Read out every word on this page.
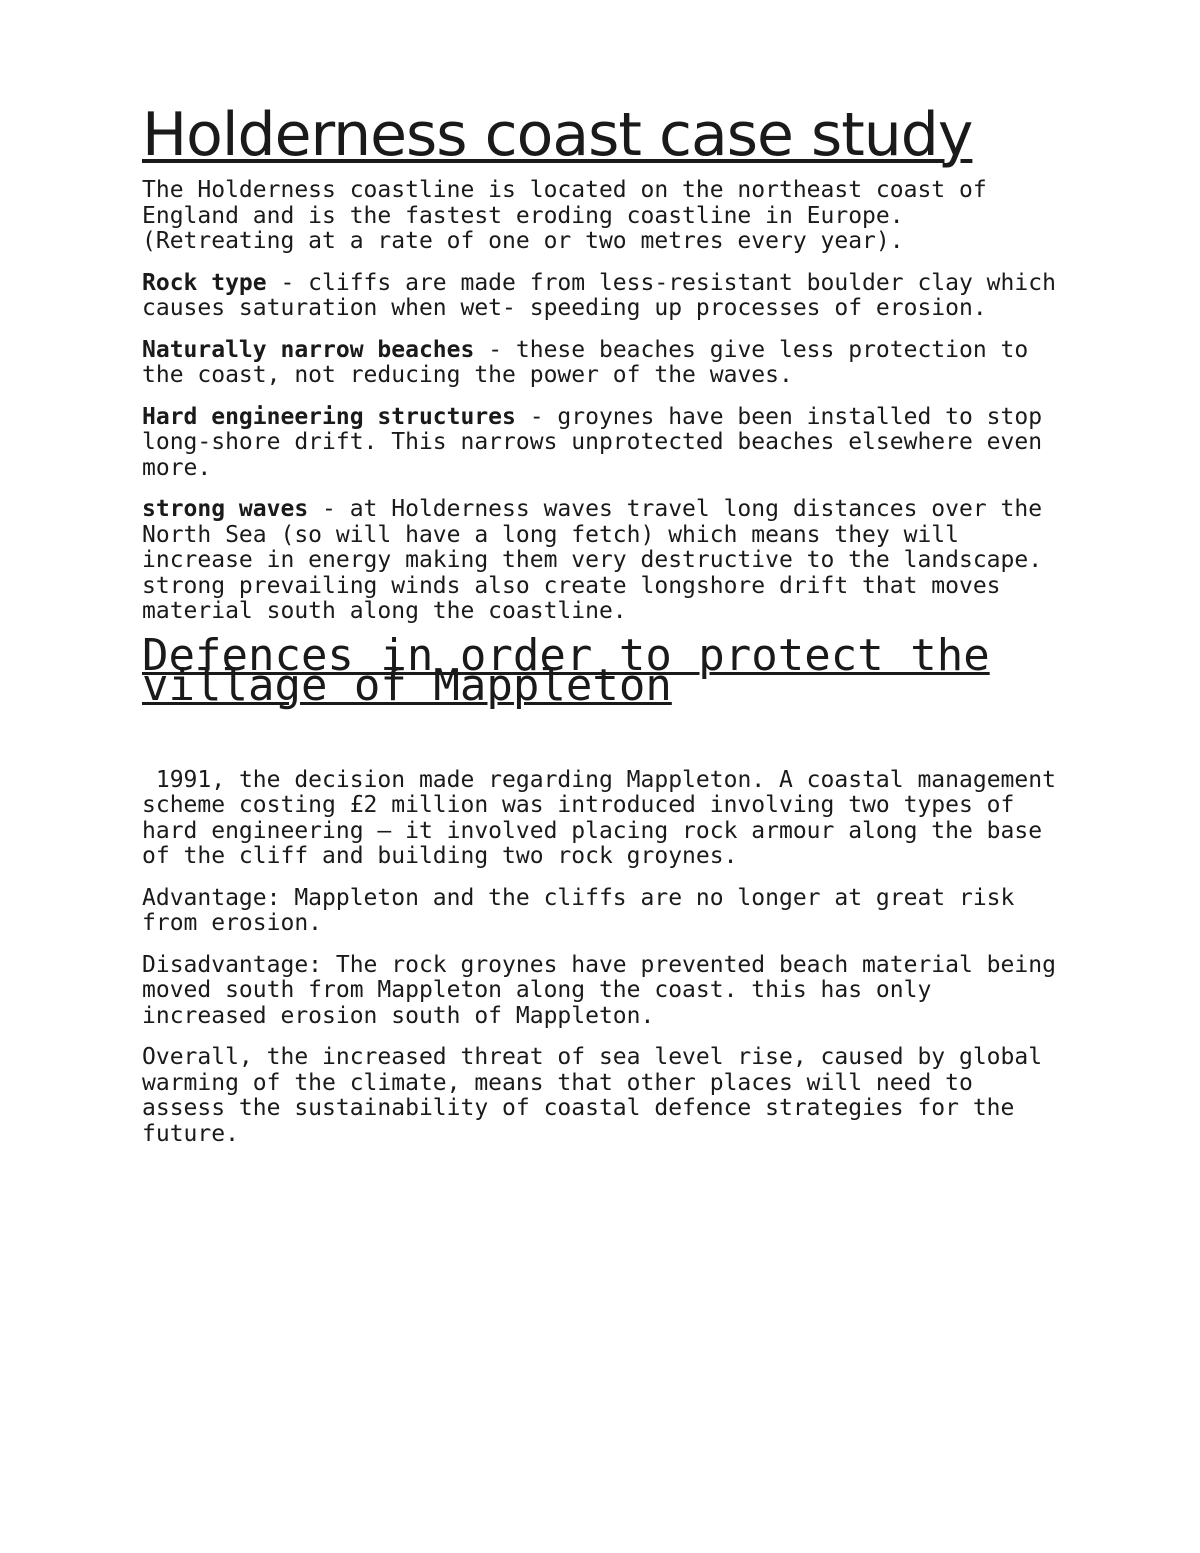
Holderness coast case study

The Holderness coastline is located on the northeast coast of England and is the fastest eroding coastline in Europe. (Retreating at a rate of one or two metres every year).

Rock type - cliffs are made from less-resistant boulder clay which causes saturation when wet- speeding up processes of erosion.

Naturally narrow beaches - these beaches give less protection to the coast, not reducing the power of the waves.

Hard engineering structures - groynes have been installed to stop long-shore drift. This narrows unprotected beaches elsewhere even more.

strong waves - at Holderness waves travel long distances over the North Sea (so will have a long fetch) which means they will increase in energy making them very destructive to the landscape. strong prevailing winds also create longshore drift that moves material south along the coastline.

Defences in order to protect the village of Mappleton

1991, the decision made regarding Mappleton. A coastal management scheme costing £2 million was introduced involving two types of hard engineering – it involved placing rock armour along the base of the cliff and building two rock groynes.

Advantage: Mappleton and the cliffs are no longer at great risk from erosion.

Disadvantage: The rock groynes have prevented beach material being moved south from Mappleton along the coast. this has only increased erosion south of Mappleton.

Overall, the increased threat of sea level rise, caused by global warming of the climate, means that other places will need to assess the sustainability of coastal defence strategies for the future.
